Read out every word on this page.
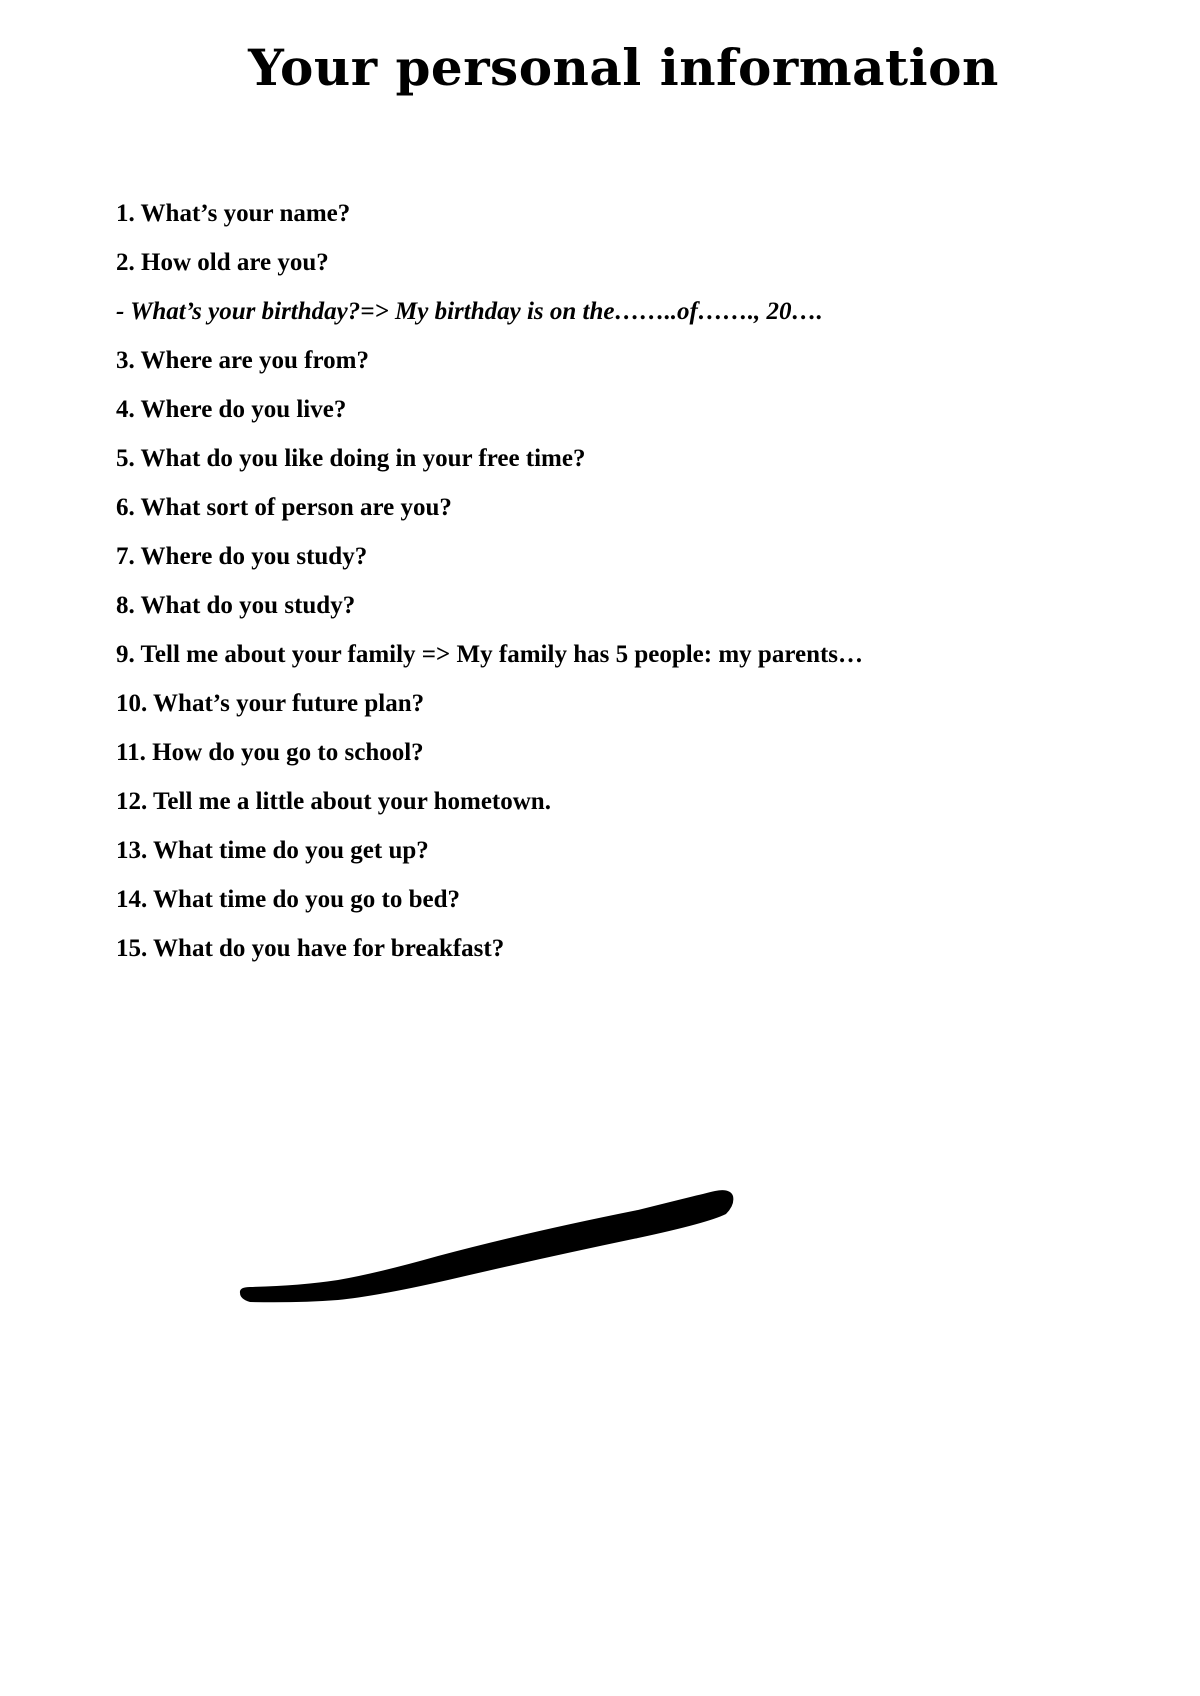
Your personal information
1. What’s your name?
2. How old are you?
- What’s your birthday?=> My birthday is on the……..of……., 20….
3. Where are you from?
4. Where do you live?
5. What do you like doing in your free time?
6. What sort of person are you?
7. Where do you study?
8. What do you study?
9. Tell me about your family => My family has 5 people: my parents…
10. What’s your future plan?
11. How do you go to school?
12. Tell me a little about your hometown.
13. What time do you get up?
14. What time do you go to bed?
15. What do you have for breakfast?
